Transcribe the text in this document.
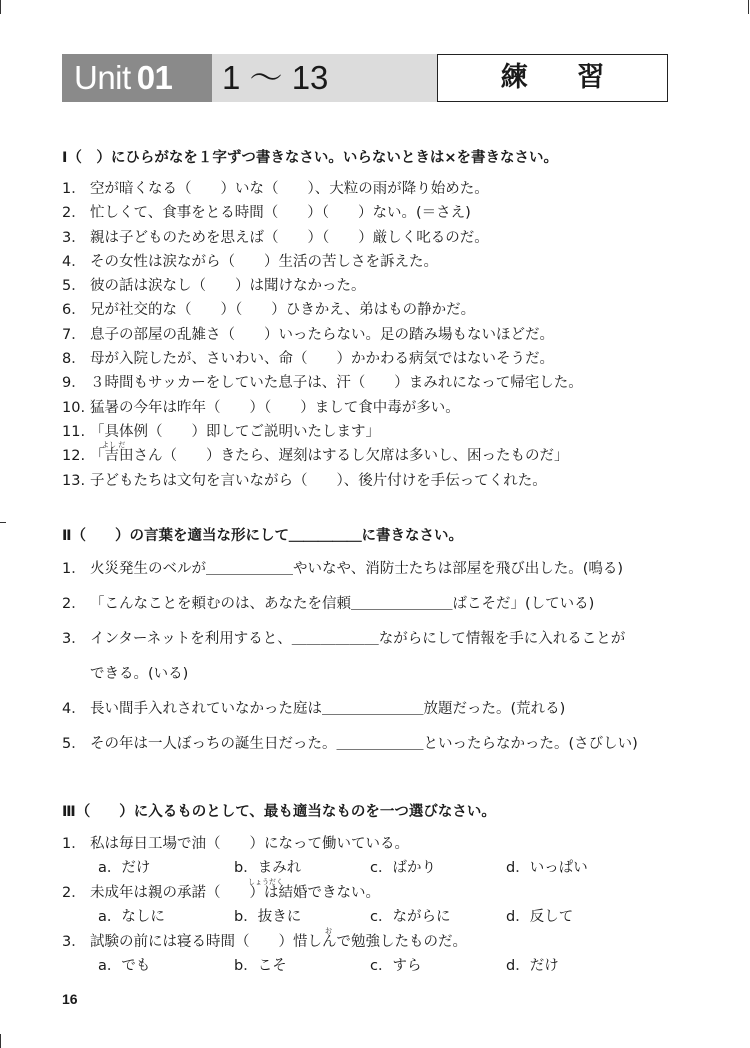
Unit 01	1 ～ 13	練 習
Ⅰ（　）にひらがなを１字ずつ書きなさい。いらないときは×を書きなさい。
1． 空が暗くなる（　　）いな（　　）、大粒の雨が降り始めた。
2． 忙しくて、食事をとる時間（　　）（　　）ない。(＝さえ)
3． 親は子どものためを思えば（　　）（　　）厳しく叱るのだ。
4． その女性は涙ながら（　　）生活の苦しさを訴えた。
5． 彼の話は涙なし（　　）は聞けなかった。
6． 兄が社交的な（　　）（　　）ひきかえ、弟はもの静かだ。
7． 息子の部屋の乱雑さ（　　）いったらない。足の踏み場もないほどだ。
8． 母が入院したが、さいわい、命（　　）かかわる病気ではないそうだ。
9． ３時間もサッカーをしていた息子は、汗（　　）まみれになって帰宅した。
10. 猛暑の今年は昨年（　　）（　　）まして食中毒が多い。
11. 「具体例（　　）即してご説明いたします」
よし だ
12. 「吉田さん（　　）きたら、遅刻はするし欠席は多いし、困ったものだ」
13. 子どもたちは文句を言いながら（　　）、後片付けを手伝ってくれた。
Ⅱ（　　）の言葉を適当な形にして＿＿＿＿＿に書きなさい。
1． 火災発生のベルが＿＿＿＿＿＿やいなや、消防士たちは部屋を飛び出した。(鳴る)
2． 「こんなことを頼むのは、あなたを信頼＿＿＿＿＿＿＿ばこそだ」(している)
3． インターネットを利用すると、＿＿＿＿＿＿ながらにして情報を手に入れることが
できる。(いる)
4． 長い間手入れされていなかった庭は＿＿＿＿＿＿＿放題だった。(荒れる)
5． その年は一人ぼっちの誕生日だった。＿＿＿＿＿＿といったらなかった。(さびしい)
Ⅲ（　　）に入るものとして、最も適当なものを一つ選びなさい。
1． 私は毎日工場で油（　　）になって働いている。
a．だけ	b．まみれ	c．ばかり	d．いっぱい
しょうだく
2． 未成年は親の承諾（　　）は結婚できない。
a．なしに	b．抜きに	c．ながらに	d．反して
お
3． 試験の前には寝る時間（　　）惜しんで勉強したものだ。
a．でも	b．こそ	c．すら	d．だけ
16
